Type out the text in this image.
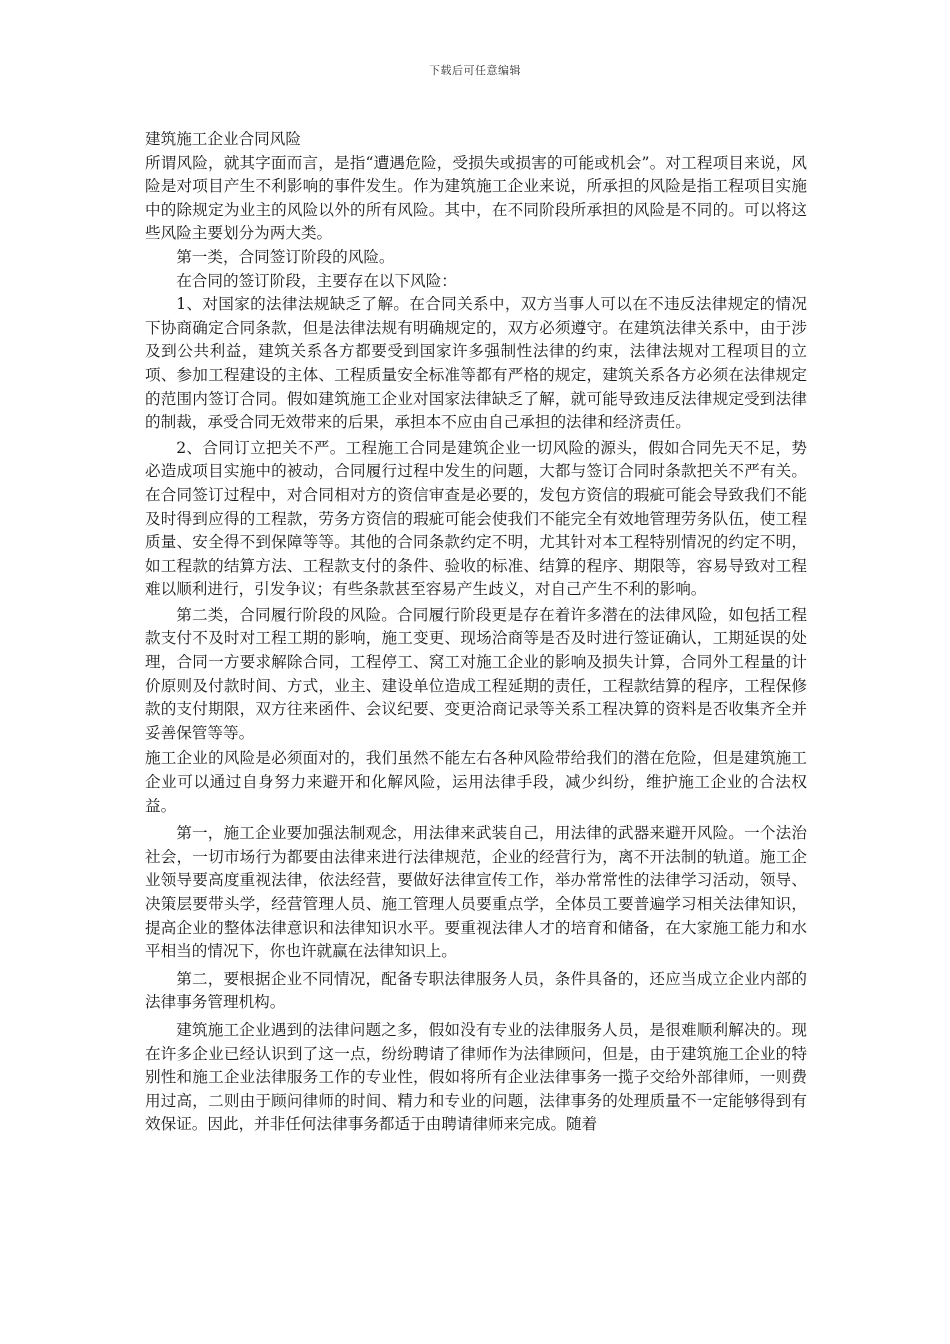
下载后可任意编辑

建筑施工企业合同风险

所谓风险，就其字面而言，是指“遭遇危险，受损失或损害的可能或机会”。对工程项目来说，风险是对项目产生不利影响的事件发生。作为建筑施工企业来说，所承担的风险是指工程项目实施中的除规定为业主的风险以外的所有风险。其中，在不同阶段所承担的风险是不同的。可以将这些风险主要划分为两大类。

第一类，合同签订阶段的风险。

在合同的签订阶段，主要存在以下风险：

1、对国家的法律法规缺乏了解。在合同关系中，双方当事人可以在不违反法律规定的情况下协商确定合同条款，但是法律法规有明确规定的，双方必须遵守。在建筑法律关系中，由于涉及到公共利益，建筑关系各方都要受到国家许多强制性法律的约束，法律法规对工程项目的立项、参加工程建设的主体、工程质量安全标准等都有严格的规定，建筑关系各方必须在法律规定的范围内签订合同。假如建筑施工企业对国家法律缺乏了解，就可能导致违反法律规定受到法律的制裁，承受合同无效带来的后果，承担本不应由自己承担的法律和经济责任。

2、合同订立把关不严。工程施工合同是建筑企业一切风险的源头，假如合同先天不足，势必造成项目实施中的被动，合同履行过程中发生的问题，大都与签订合同时条款把关不严有关。在合同签订过程中，对合同相对方的资信审查是必要的，发包方资信的瑕疵可能会导致我们不能及时得到应得的工程款，劳务方资信的瑕疵可能会使我们不能完全有效地管理劳务队伍，使工程质量、安全得不到保障等等。其他的合同条款约定不明，尤其针对本工程特别情况的约定不明，如工程款的结算方法、工程款支付的条件、验收的标准、结算的程序、期限等，容易导致对工程难以顺利进行，引发争议；有些条款甚至容易产生歧义，对自己产生不利的影响。

第二类，合同履行阶段的风险。合同履行阶段更是存在着许多潜在的法律风险，如包括工程款支付不及时对工程工期的影响，施工变更、现场洽商等是否及时进行签证确认，工期延误的处理，合同一方要求解除合同，工程停工、窝工对施工企业的影响及损失计算，合同外工程量的计价原则及付款时间、方式，业主、建设单位造成工程延期的责任，工程款结算的程序，工程保修款的支付期限，双方往来函件、会议纪要、变更洽商记录等关系工程决算的资料是否收集齐全并妥善保管等等。

施工企业的风险是必须面对的，我们虽然不能左右各种风险带给我们的潜在危险，但是建筑施工企业可以通过自身努力来避开和化解风险，运用法律手段，减少纠纷，维护施工企业的合法权益。

第一，施工企业要加强法制观念，用法律来武装自己，用法律的武器来避开风险。一个法治社会，一切市场行为都要由法律来进行法律规范，企业的经营行为，离不开法制的轨道。施工企业领导要高度重视法律，依法经营，要做好法律宣传工作，举办常常性的法律学习活动，领导、决策层要带头学，经营管理人员、施工管理人员要重点学，全体员工要普遍学习相关法律知识，提高企业的整体法律意识和法律知识水平。要重视法律人才的培育和储备，在大家施工能力和水平相当的情况下，你也许就赢在法律知识上。

第二，要根据企业不同情况，配备专职法律服务人员，条件具备的，还应当成立企业内部的法律事务管理机构。

建筑施工企业遇到的法律问题之多，假如没有专业的法律服务人员，是很难顺利解决的。现在许多企业已经认识到了这一点，纷纷聘请了律师作为法律顾问，但是，由于建筑施工企业的特别性和施工企业法律服务工作的专业性，假如将所有企业法律事务一揽子交给外部律师，一则费用过高，二则由于顾问律师的时间、精力和专业的问题，法律事务的处理质量不一定能够得到有效保证。因此，并非任何法律事务都适于由聘请律师来完成。随着
